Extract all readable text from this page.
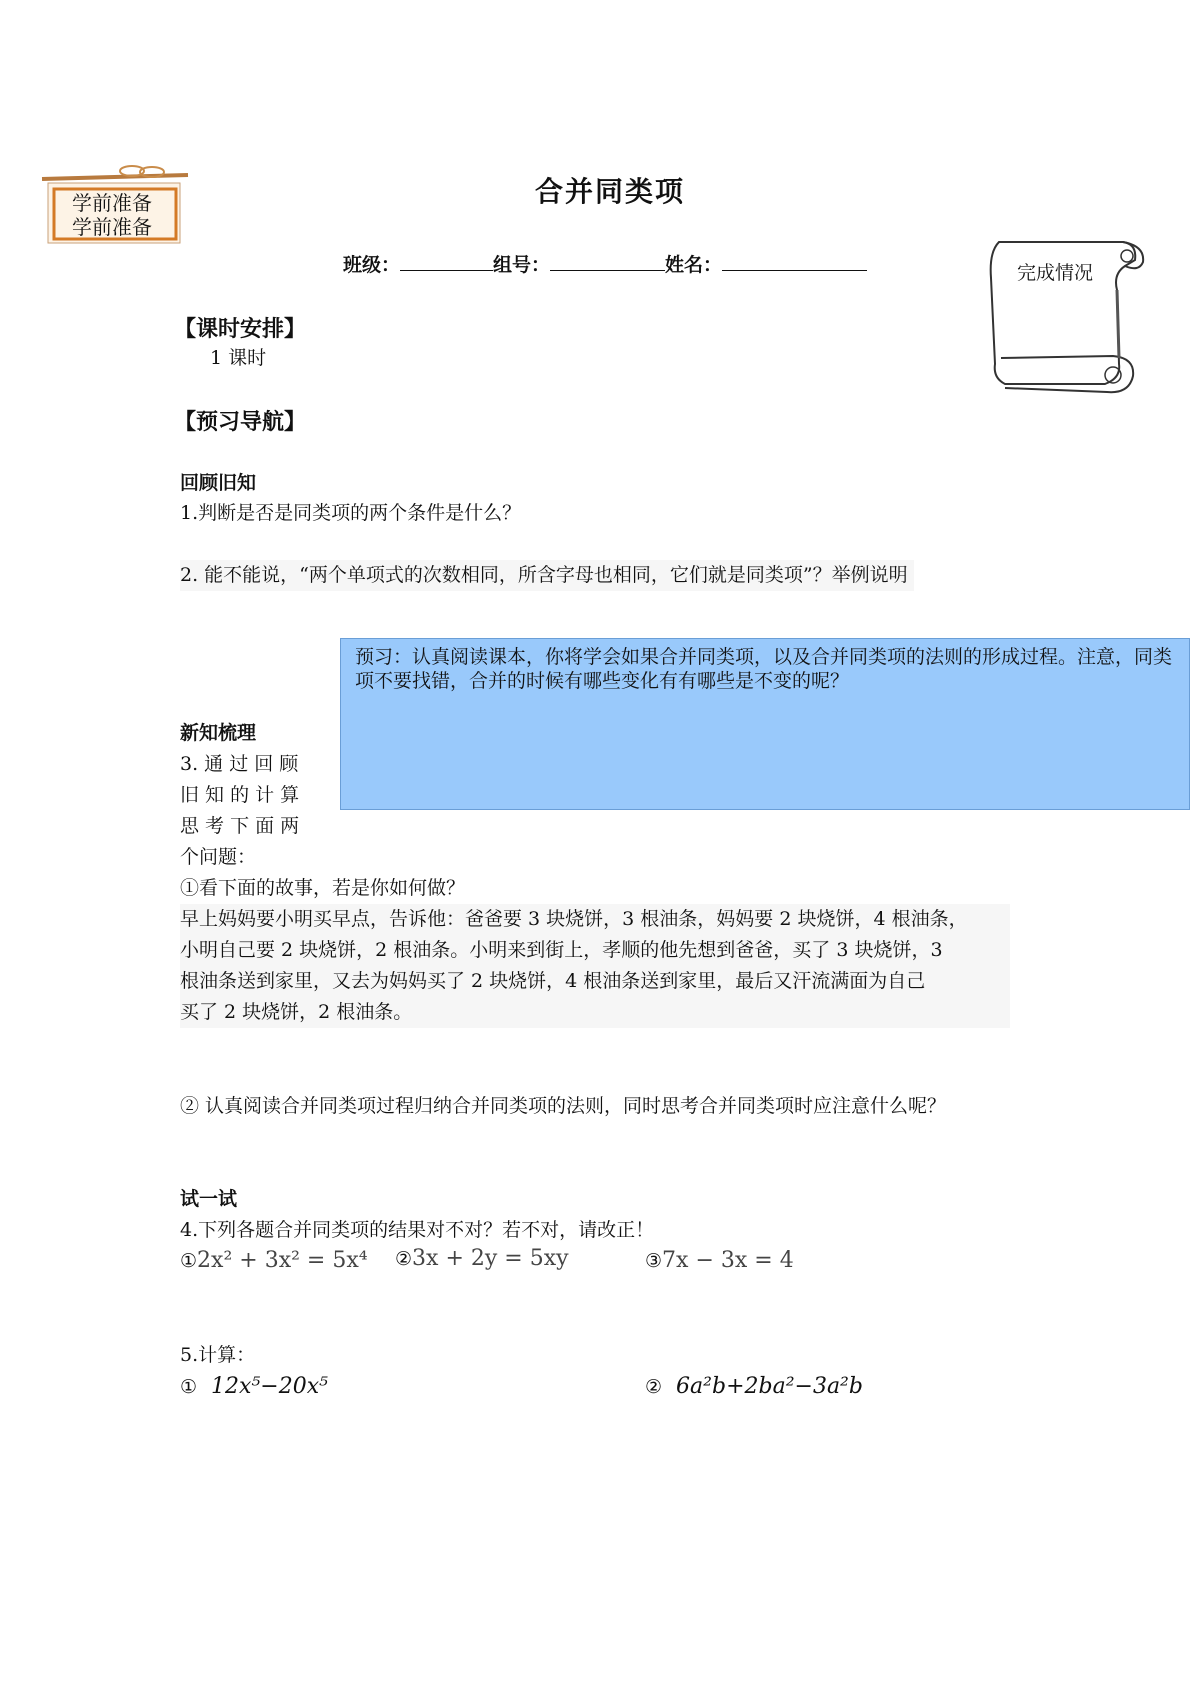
学前准备
学前准备
合并同类项
班级：	组号：	姓名：	完成情况
【课时安排】
1 课时
【预习导航】
回顾旧知
1.判断是否是同类项的两个条件是什么？
2. 能不能说，“两个单项式的次数相同，所含字母也相同，它们就是同类项”？举例说明
预习：认真阅读课本，你将学会如果合并同类项，以及合并同类项的法则的形成过程。注意，同类项不要找错，合并的时候有哪些变化有有哪些是不变的呢？
新知梳理
3. 通 过 回 顾
旧 知 的 计 算
思 考 下 面 两
个问题：
①看下面的故事，若是你如何做？
早上妈妈要小明买早点，告诉他：爸爸要 3 块烧饼，3 根油条，妈妈要 2 块烧饼，4 根油条，
小明自己要 2 块烧饼，2 根油条。小明来到街上，孝顺的他先想到爸爸，买了 3 块烧饼，3
根油条送到家里，又去为妈妈买了 2 块烧饼，4 根油条送到家里，最后又汗流满面为自己
买了 2 块烧饼，2 根油条。
② 认真阅读合并同类项过程归纳合并同类项的法则，同时思考合并同类项时应注意什么呢？
试一试
4.下列各题合并同类项的结果对不对？若不对，请改正！
①2x² + 3x² = 5x⁴ ②3x + 2y = 5xy	③7x − 3x = 4
5.计算：
① 12x⁵−20x⁵	② 6a²b+2ba²−3a²b
